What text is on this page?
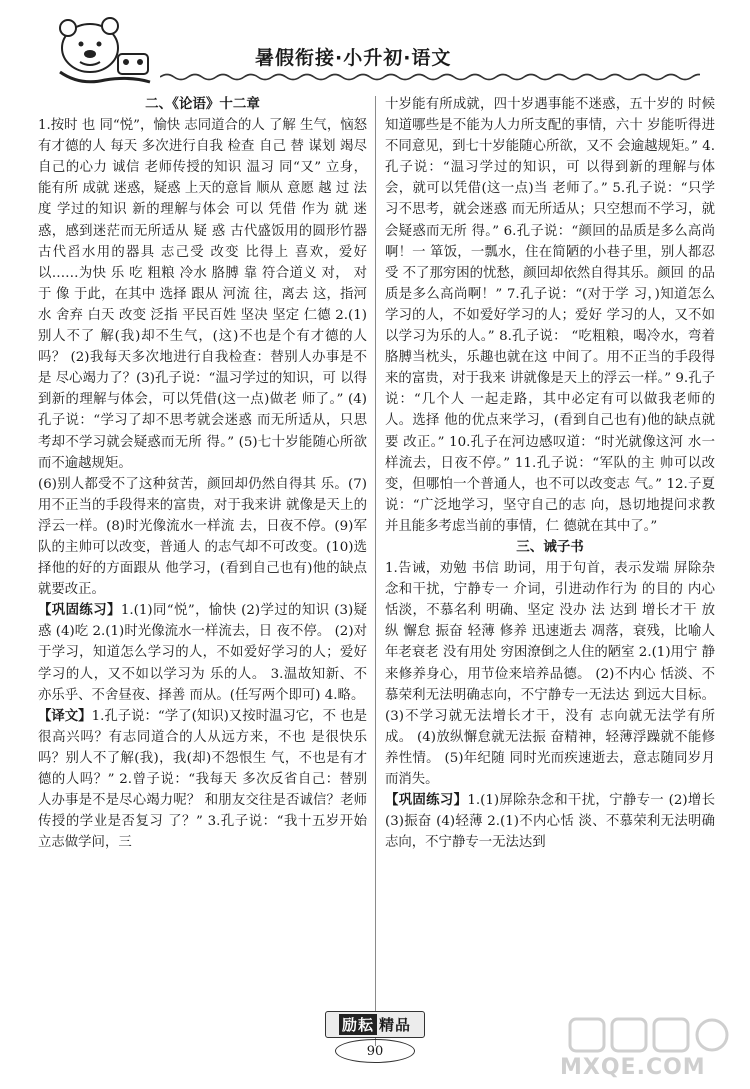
暑假衔接·小升初·语文
二、《论语》十二章

1.按时 也 同“悦”，愉快 志同道合的人 了解 生气，恼怒 有才德的人 每天 多次进行自我 检查 自己 替 谋划 竭尽自己的心力 诚信 老师传授的知识 温习 同“又” 立身，能有所 成就 迷惑，疑惑 上天的意旨 顺从 意愿 越 过 法度 学过的知识 新的理解与体会 可以 凭借 作为 就 迷惑，感到迷茫而无所适从 疑 惑 古代盛饭用的圆形竹器 古代舀水用的器具 志己受 改变 比得上 喜欢，爱好 以……为快 乐 吃 粗粮 冷水 胳膊 靠 符合道义 对， 对于 像 于此，在其中 选择 跟从 河流 往，离去 这，指河水 舍弃 白天 改变 泛指 平民百姓 坚决 坚定 仁德 2.(1)别人不了 解(我)却不生气，(这)不也是个有才德的人吗？ (2)我每天多次地进行自我检查：替别人办事是不是 尽心竭力了？(3)孔子说：“温习学过的知识，可 以得到新的理解与体会，可以凭借(这一点)做老 师了。” (4)孔子说：“学习了却不思考就会迷惑 而无所适从，只思考却不学习就会疑惑而无所 得。” (5)七十岁能随心所欲而不逾越规矩。

(6)别人都受不了这种贫苦，颜回却仍然自得其 乐。(7)用不正当的手段得来的富贵，对于我来讲 就像是天上的浮云一样。(8)时光像流水一样流 去，日夜不停。(9)军队的主帅可以改变，普通人 的志气却不可改变。(10)选择他的好的方面跟从 他学习，(看到自己也有)他的缺点就要改正。

【巩固练习】1.(1)同“悦”，愉快 (2)学过的知识 (3)疑惑 (4)吃 2.(1)时光像流水一样流去，日 夜不停。 (2)对于学习，知道怎么学习的人，不如爱好学习的人；爱好学习的人，又不如以学习为 乐的人。 3.温故知新、不亦乐乎、不舍昼夜、择善 而从。(任写两个即可) 4.略。

【译文】1.孔子说：“学了(知识)又按时温习它，不 也是很高兴吗？有志同道合的人从远方来，不也 是很快乐吗？别人不了解(我)，我(却)不怨恨生 气，不也是有才德的人吗？” 2.曾子说：“我每天 多次反省自己：替别人办事是不是尽心竭力呢？ 和朋友交往是否诚信？老师传授的学业是否复习 了？” 3.孔子说：“我十五岁开始立志做学问，三

十岁能有所成就，四十岁遇事能不迷惑，五十岁的 时候知道哪些是不能为人力所支配的事情，六十 岁能听得进不同意见，到七十岁能随心所欲，又不 会逾越规矩。” 4.孔子说：“温习学过的知识，可 以得到新的理解与体会，就可以凭借(这一点)当 老师了。” 5.孔子说：“只学习不思考，就会迷惑 而无所适从；只空想而不学习，就会疑惑而无所 得。” 6.孔子说：“颜回的品质是多么高尚啊！一 箪饭，一瓢水，住在简陋的小巷子里，别人都忍受 不了那穷困的忧愁，颜回却依然自得其乐。颜回 的品质是多么高尚啊！” 7.孔子说：“(对于学 习，)知道怎么学习的人，不如爱好学习的人；爱好 学习的人，又不如以学习为乐的人。” 8.孔子说： “吃粗粮，喝冷水，弯着胳膊当枕头，乐趣也就在这 中间了。用不正当的手段得来的富贵，对于我来 讲就像是天上的浮云一样。” 9.孔子说：“几个人 一起走路，其中必定有可以做我老师的人。选择 他的优点来学习，(看到自己也有)他的缺点就要 改正。” 10.孔子在河边感叹道：“时光就像这河 水一样流去，日夜不停。” 11.孔子说：“军队的主 帅可以改变，但哪怕一个普通人，也不可以改变志 气。” 12.子夏说：“广泛地学习，坚守自己的志 向，恳切地提问求教并且能多考虑当前的事情，仁 德就在其中了。”

三、诫子书

1.告诫，劝勉 书信 助词，用于句首，表示发端 屏除杂念和干扰，宁静专一 介词，引进动作行为 的目的 内心恬淡，不慕名利 明确、坚定 没办 法 达到 增长才干 放纵 懈怠 振奋 轻薄 修养 迅速逝去 凋落，衰残，比喻人年老衰老 没有用处 穷困潦倒之人住的陋室 2.(1)用宁 静来修养身心，用节俭来培养品德。 (2)不内心 恬淡、不慕荣利无法明确志向，不宁静专一无法达 到远大目标。 (3)不学习就无法增长才干，没有 志向就无法学有所成。 (4)放纵懈怠就无法振 奋精神，轻薄浮躁就不能修养性情。 (5)年纪随 同时光而疾速逝去，意志随同岁月而消失。

【巩固练习】1.(1)屏除杂念和干扰，宁静专一 (2)增长 (3)振奋 (4)轻薄 2.(1)不内心恬 淡、不慕荣利无法明确志向，不宁静专一无法达到

励耘 精品
90
MXQE.COM
